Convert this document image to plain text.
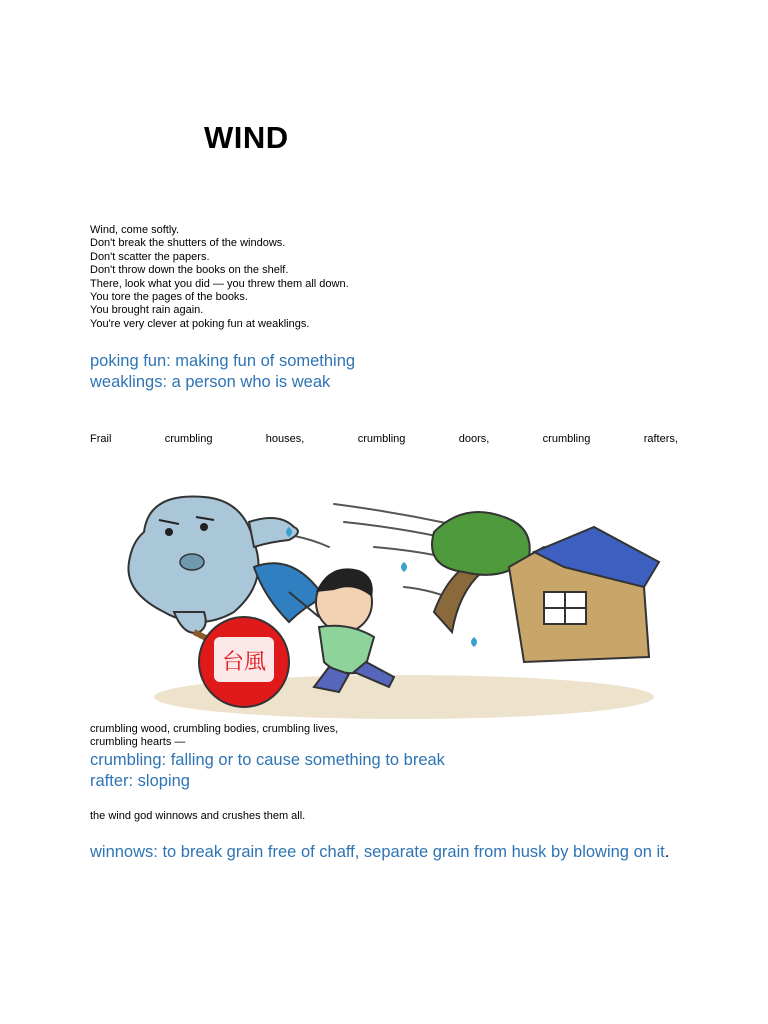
WIND
Wind, come softly.
Don't break the shutters of the windows.
Don't scatter the papers.
Don't throw down the books on the shelf.
There, look what you did — you threw them all down.
You tore the pages of the books.
You brought rain again.
You're very clever at poking fun at weaklings.
poking fun: making fun of something
weaklings: a person who is weak
Frail	crumbling	houses,	crumbling	doors,	crumbling	rafters,
台風
crumbling wood, crumbling bodies, crumbling lives,
crumbling hearts —
crumbling: falling or to cause something to break
rafter: sloping
the wind god winnows and crushes them all.
winnows: to break grain free of chaff, separate grain from husk by blowing on it.
